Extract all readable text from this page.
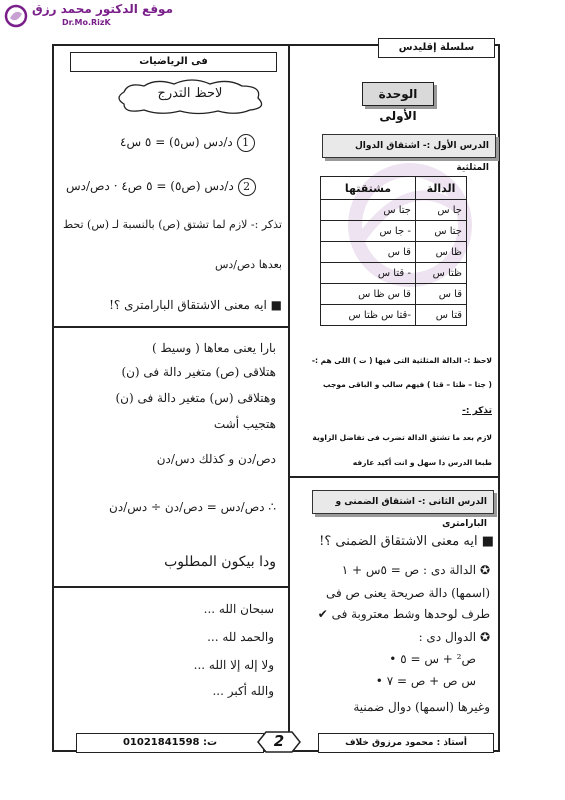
موقع الدكتور محمد رزق
Dr.Mo.RizK
سلسلة إقليدس
فى الرياضيات
الوحدة الأولى
الدرس الأول :- اشتقاق الدوال المثلثية
الدالة	مشتقتها
جا س	جتا س
جتا س	- جا س
ظا س	قا س
ظتا س	- قتا س
قا س	قا س ظا س
قتا س	-قتا س ظتا س
لاحظ :- الدالة المثلثية التى فيها ( ت ) اللى هم :-
( جتا – ظتا – قتا ) فيهم سالب و الباقى موجب
تذكر :-
لازم بعد ما تشتق الدالة تضرب فى تفاضل الزاوية
طبعا الدرس دا سهل و انت أكيد عارفه
الدرس الثانى :- اشتقاق الضمنى و البارامترى
■ ايه معنى الاشتقاق الضمنى ؟!
✪ الدالة دى : ص = ٥س + ١
(اسمها) دالة صريحة يعنى ص فى
طرف لوحدها وشط معتروبة فى ✔
✪ الدوال دى :
ص² + س = ٥ •
س ص + ص = ٧ •
وغيرها (اسمها) دوال ضمنية
لاحظ التدرج
د/دس (س٥) = ٥ س٤ 1
د/دس (ص٥) = ٥ ص٤ · دص/دس 2
تذكر :- لازم لما تشتق (ص) بالنسبة لـ (س) تحط
بعدها دص/دس
■ ايه معنى الاشتقاق البارامترى ؟!
بارا يعنى معاها ( وسيط )
هتلاقى (ص) متغير دالة فى (ن)
وهتلاقى (س) متغير دالة فى (ن)
هتجيب أشت
دص/دن و كذلك دس/دن
∴ دص/دس = دص/دن ÷ دس/دن
ودا بيكون المطلوب
سبحان الله ...
والحمد لله ...
ولا إله إلا الله ...
والله أكبر ...
أستاذ : محمود مرزوق خلاف
ت: 01021841598	2
